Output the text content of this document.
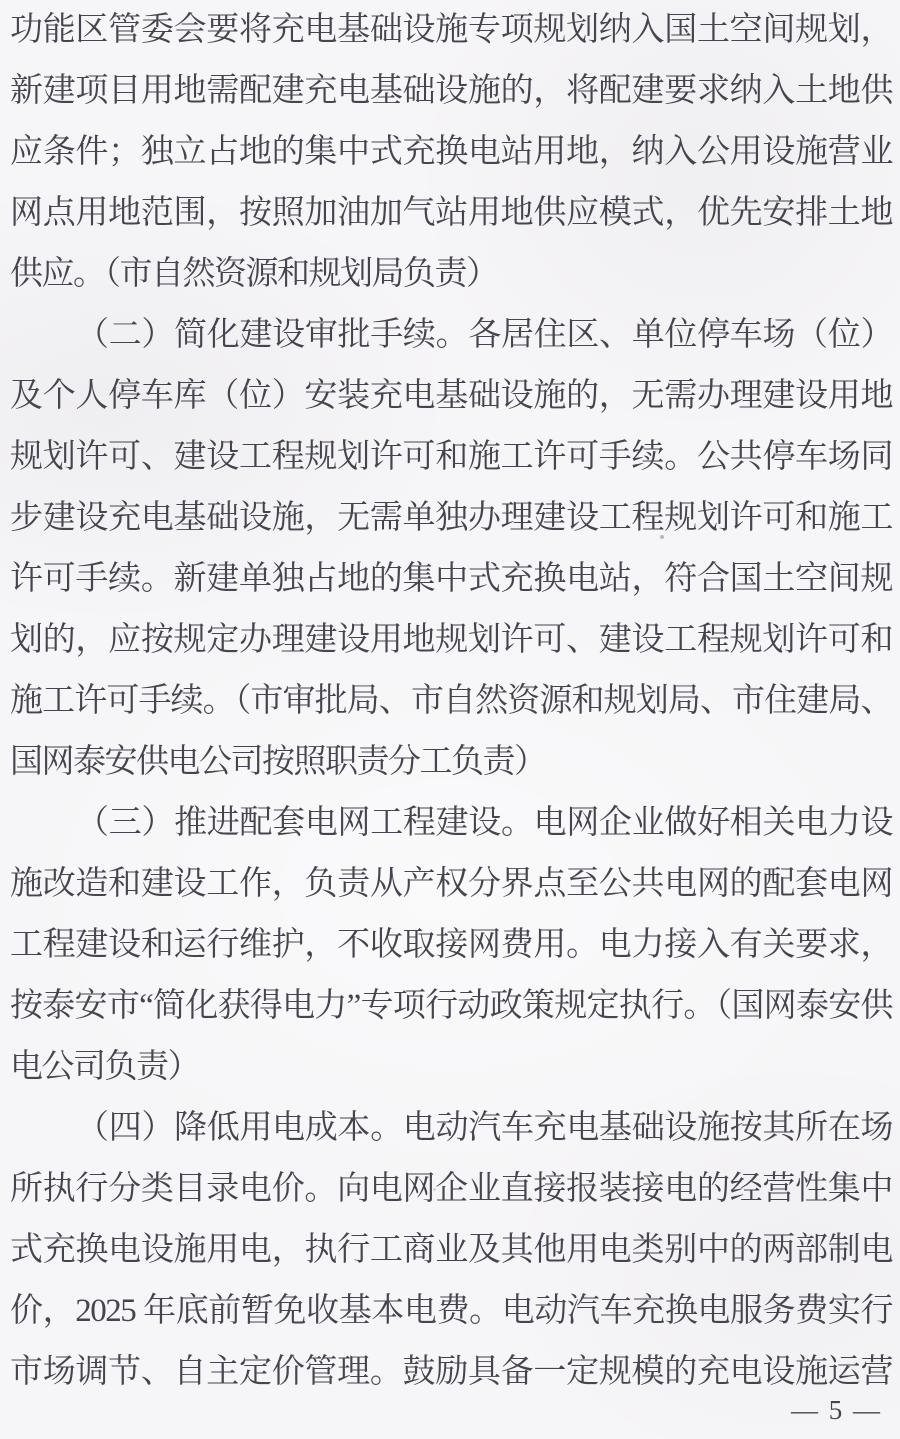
功能区管委会要将充电基础设施专项规划纳入国土空间规划，
新建项目用地需配建充电基础设施的，将配建要求纳入土地供
应条件；独立占地的集中式充换电站用地，纳入公用设施营业
网点用地范围，按照加油加气站用地供应模式，优先安排土地
供应。（市自然资源和规划局负责）
（二）简化建设审批手续。各居住区、单位停车场（位）
及个人停车库（位）安装充电基础设施的，无需办理建设用地
规划许可、建设工程规划许可和施工许可手续。公共停车场同
步建设充电基础设施，无需单独办理建设工程规划许可和施工
许可手续。新建单独占地的集中式充换电站，符合国土空间规
划的，应按规定办理建设用地规划许可、建设工程规划许可和
施工许可手续。（市审批局、市自然资源和规划局、市住建局、
国网泰安供电公司按照职责分工负责）
（三）推进配套电网工程建设。电网企业做好相关电力设
施改造和建设工作，负责从产权分界点至公共电网的配套电网
工程建设和运行维护，不收取接网费用。电力接入有关要求，
按泰安市“简化获得电力”专项行动政策规定执行。（国网泰安供
电公司负责）
（四）降低用电成本。电动汽车充电基础设施按其所在场
所执行分类目录电价。向电网企业直接报装接电的经营性集中
式充换电设施用电，执行工商业及其他用电类别中的两部制电
价，2025 年底前暂免收基本电费。电动汽车充换电服务费实行
市场调节、自主定价管理。鼓励具备一定规模的充电设施运营
— 5 —
